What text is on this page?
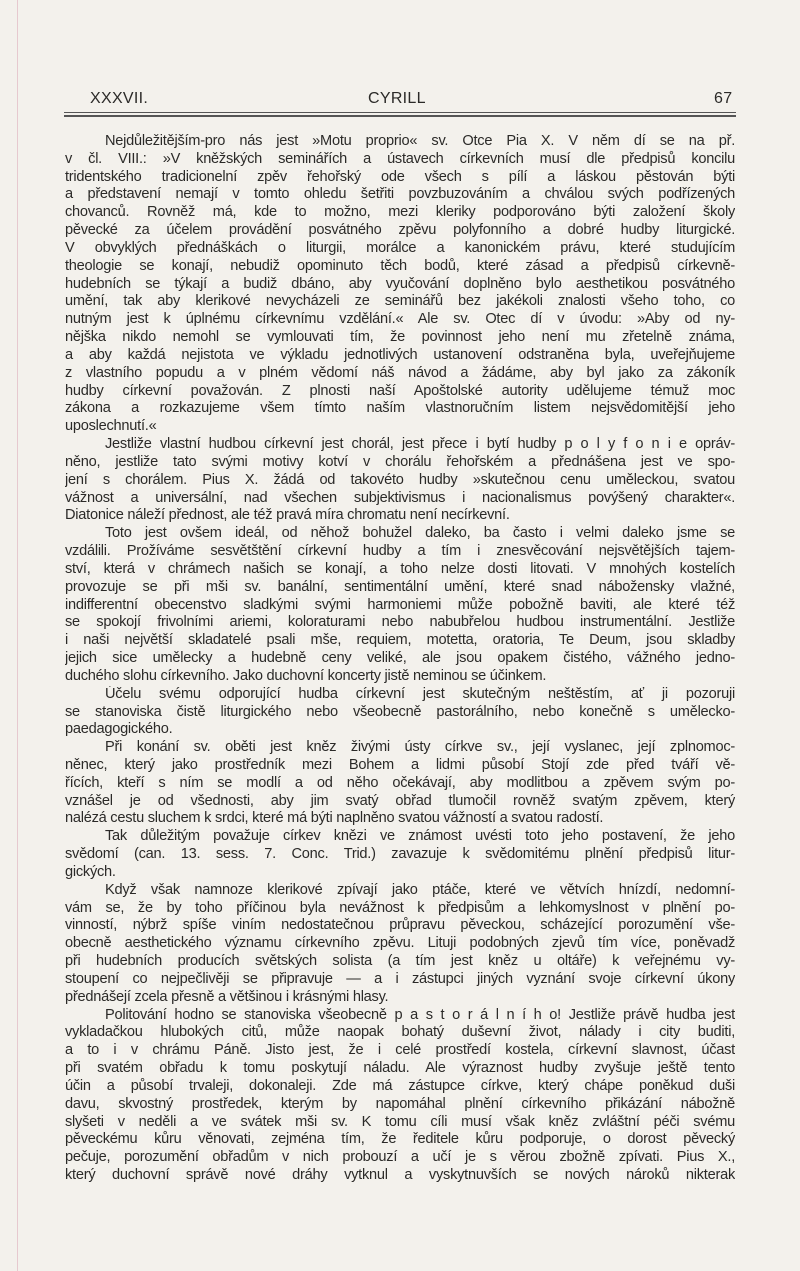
XXXVII.	CYRILL	67
Nejdůležitějším-pro nás jest »Motu proprio« sv. Otce Pia X. V něm dí se na př.
v čl. VIII.: »V kněžských seminářích a ústavech církevních musí dle předpisů koncilu
tridentského tradicionelní zpěv řehořský ode všech s pílí a láskou pěstován býti
a představení nemají v tomto ohledu šetřiti povzbuzováním a chválou svých podřízených
chovanců. Rovněž má, kde to možno, mezi kleriky podporováno býti založení školy
pěvecké za účelem provádění posvátného zpěvu polyfonního a dobré hudby liturgické.
V obvyklých přednáškách o liturgii, morálce a kanonickém právu, které studujícím
theologie se konají, nebudiž opominuto těch bodů, které zásad a předpisů církevně-
hudebních se týkají a budiž dbáno, aby vyučování doplněno bylo aesthetikou posvátného
umění, tak aby klerikové nevycházeli ze seminářů bez jakékoli znalosti všeho toho, co
nutným jest k úplnému církevnímu vzdělání.« Ale sv. Otec dí v úvodu: »Aby od ny-
nějška nikdo nemohl se vymlouvati tím, že povinnost jeho není mu zřetelně známa,
a aby každá nejistota ve výkladu jednotlivých ustanovení odstraněna byla, uveřejňujeme
z vlastního popudu a v plném vědomí náš návod a žádáme, aby byl jako za zákoník
hudby církevní považován. Z plnosti naší Apoštolské autority udělujeme témuž moc
zákona a rozkazujeme všem tímto naším vlastnoručním listem nejsvědomitější jeho
uposlechnutí.«
Jestliže vlastní hudbou církevní jest chorál, jest přece i bytí hudby p o l y f o n i e opráv-
něno, jestliže tato svými motivy kotví v chorálu řehořském a přednášena jest ve spo-
jení s chorálem. Pius X. žádá od takovéto hudby »skutečnou cenu uměleckou, svatou
vážnost a universální, nad všechen subjektivismus i nacionalismus povýšený charakter«.
Diatonice náleží přednost, ale též pravá míra chromatu není necírkevní.
Toto jest ovšem ideál, od něhož bohužel daleko, ba často i velmi daleko jsme se
vzdálili. Prožíváme sesvětštění církevní hudby a tím i znesvěcování nejsvětějších tajem-
ství, která v chrámech našich se konají, a toho nelze dosti litovati. V mnohých kostelích
provozuje se při mši sv. banální, sentimentální umění, které snad nábožensky vlažné,
indifferentní obecenstvo sladkými svými harmoniemi může pobožně baviti, ale které též
se spokojí frivolními ariemi, koloraturami nebo nabubřelou hudbou instrumentální. Jestliže
i naši největší skladatelé psali mše, requiem, motetta, oratoria, Te Deum, jsou skladby
jejich sice umělecky a hudebně ceny veliké, ale jsou opakem čistého, vážného jedno-
duchého slohu církevního. Jako duchovní koncerty jistě neminou se účinkem.
Účelu svému odporující hudba církevní jest skutečným neštěstím, ať ji pozoruji
se stanoviska čistě liturgického nebo všeobecně pastorálního, nebo konečně s umělecko-
paedagogického.
Při konání sv. oběti jest kněz živými ústy církve sv., její vyslanec, její zplnomoc-
něnec, který jako prostředník mezi Bohem a lidmi působí Stojí zde před tváří vě-
řících, kteří s ním se modlí a od něho očekávají, aby modlitbou a zpěvem svým po-
vznášel je od všednosti, aby jim svatý obřad tlumočil rovněž svatým zpěvem, který
nalézá cestu sluchem k srdci, které má býti naplněno svatou vážností a svatou radostí.
Tak důležitým považuje církev knězi ve známost uvésti toto jeho postavení, že jeho
svědomí (can. 13. sess. 7. Conc. Trid.) zavazuje k svědomitému plnění předpisů litur-
gických.
Když však namnoze klerikové zpívají jako ptáče, které ve větvích hnízdí, nedomní-
vám se, že by toho příčinou byla nevážnost k předpisům a lehkomyslnost v plnění po-
vinností, nýbrž spíše viním nedostatečnou průpravu pěveckou, scházející porozumění vše-
obecně aesthetického významu církevního zpěvu. Lituji podobných zjevů tím více, poněvadž
při hudebních producích světských solista (a tím jest kněz u oltáře) k veřejnému vy-
stoupení co nejpečlivěji se připravuje — a i zástupci jiných vyznání svoje církevní úkony
přednášejí zcela přesně a většinou i krásnými hlasy.
Politování hodno se stanoviska všeobecně p a s t o r á l n í h o! Jestliže právě hudba jest
vykladačkou hlubokých citů, může naopak bohatý duševní život, nálady i city buditi,
a to i v chrámu Páně. Jisto jest, že i celé prostředí kostela, církevní slavnost, účast
při svatém obřadu k tomu poskytují náladu. Ale výraznost hudby zvyšuje ještě tento
účin a působí trvaleji, dokonaleji. Zde má zástupce církve, který chápe poněkud duši
davu, skvostný prostředek, kterým by napomáhal plnění církevního přikázání nábožně
slyšeti v neděli a ve svátek mši sv. K tomu cíli musí však kněz zvláštní péči svému
pěveckému kůru věnovati, zejména tím, že ředitele kůru podporuje, o dorost pěvecký
pečuje, porozumění obřadům v nich probouzí a učí je s věrou zbožně zpívati. Pius X.,
který duchovní správě nové dráhy vytknul a vyskytnuvších se nových nároků nikterak
